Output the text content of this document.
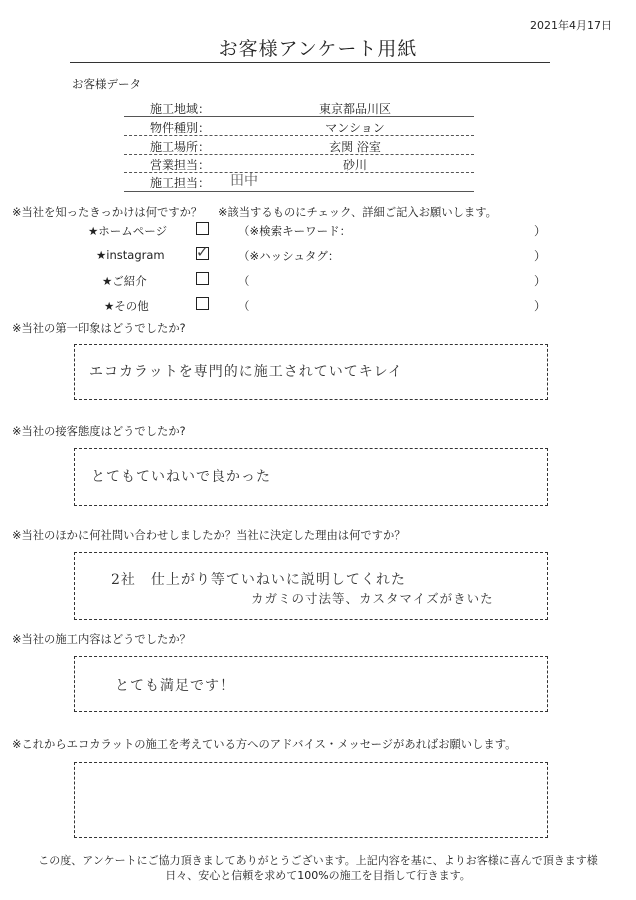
2021年4月17日
お客様アンケート用紙
お客様データ
施工地域：	東京都品川区
物件種別：	マンション
施工場所：	玄関 浴室
営業担当：	砂川
施工担当：	田中
※当社を知ったきっかけは何ですか？ ※該当するものにチェック、詳細ご記入お願いします。
★ホームページ	（※検索キーワード：	）
★instagram ✓	（※ハッシュタグ：	）
★ご紹介	（	）
★その他	（	）
※当社の第一印象はどうでしたか?
エコカラットを専門的に施工されていてキレイ
※当社の接客態度はどうでしたか?
とてもていねいで良かった
※当社のほかに何社問い合わせしましたか？当社に決定した理由は何ですか？
2社　仕上がり等ていねいに説明してくれた
カガミの寸法等、カスタマイズがきいた
※当社の施工内容はどうでしたか？
とても満足です！
※これからエコカラットの施工を考えている方へのアドバイス・メッセージがあればお願いします。
この度、アンケートにご協力頂きましてありがとうございます。上記内容を基に、よりお客様に喜んで頂きます様
日々、安心と信頼を求めて100%の施工を目指して行きます。
